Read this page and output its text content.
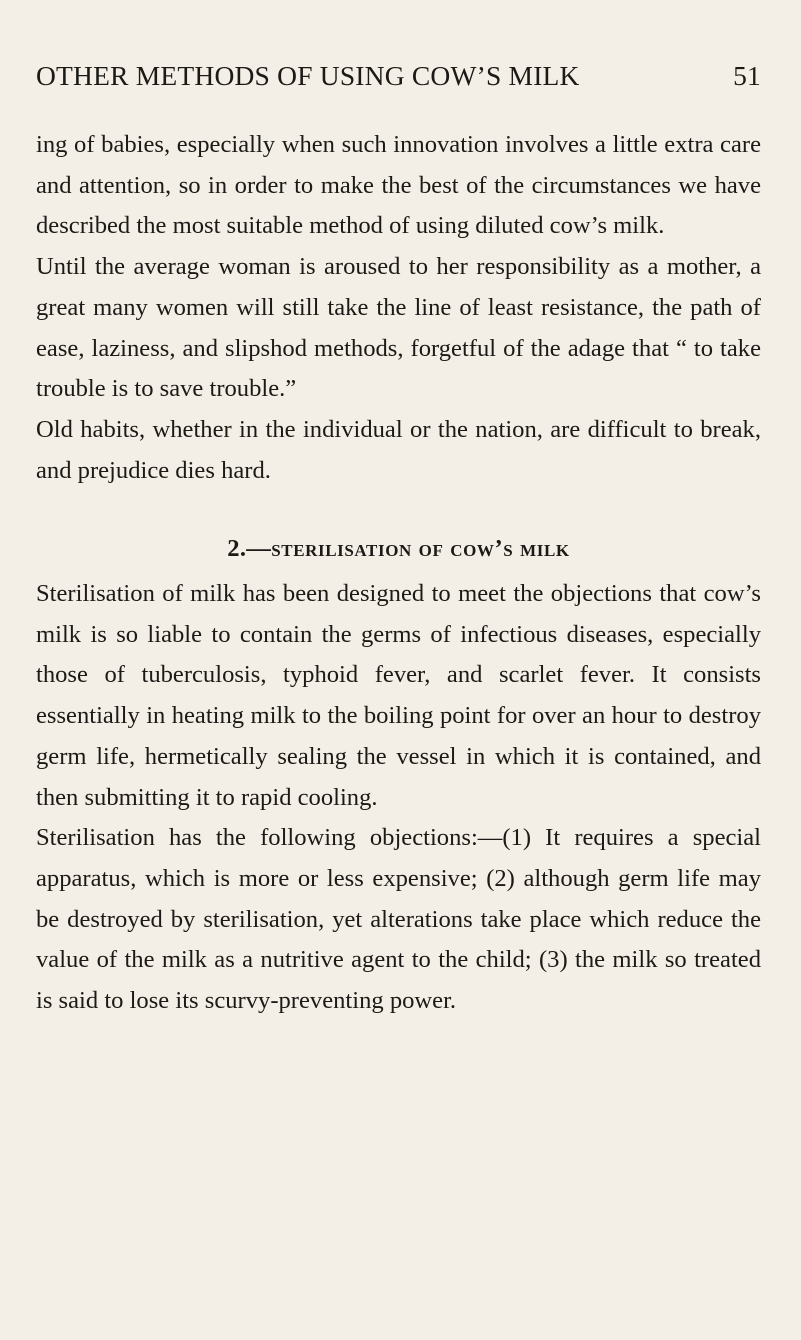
OTHER METHODS OF USING COW’S MILK	51

ing of babies, especially when such innovation involves a little extra care and attention, so in order to make the best of the circumstances we have described the most suitable method of using diluted cow’s milk.

Until the average woman is aroused to her responsibility as a mother, a great many women will still take the line of least resistance, the path of ease, laziness, and slipshod methods, forgetful of the adage that “ to take trouble is to save trouble.”

Old habits, whether in the individual or the nation, are difficult to break, and prejudice dies hard.

2.—sterilisation of cow’s milk

Sterilisation of milk has been designed to meet the objections that cow’s milk is so liable to contain the germs of infectious diseases, especially those of tuberculosis, typhoid fever, and scarlet fever. It consists essentially in heating milk to the boiling point for over an hour to destroy germ life, hermetically sealing the vessel in which it is contained, and then submitting it to rapid cooling.

Sterilisation has the following objections:—(1) It requires a special apparatus, which is more or less expensive; (2) although germ life may be destroyed by sterilisation, yet alterations take place which reduce the value of the milk as a nutritive agent to the child; (3) the milk so treated is said to lose its scurvy-preventing power.
